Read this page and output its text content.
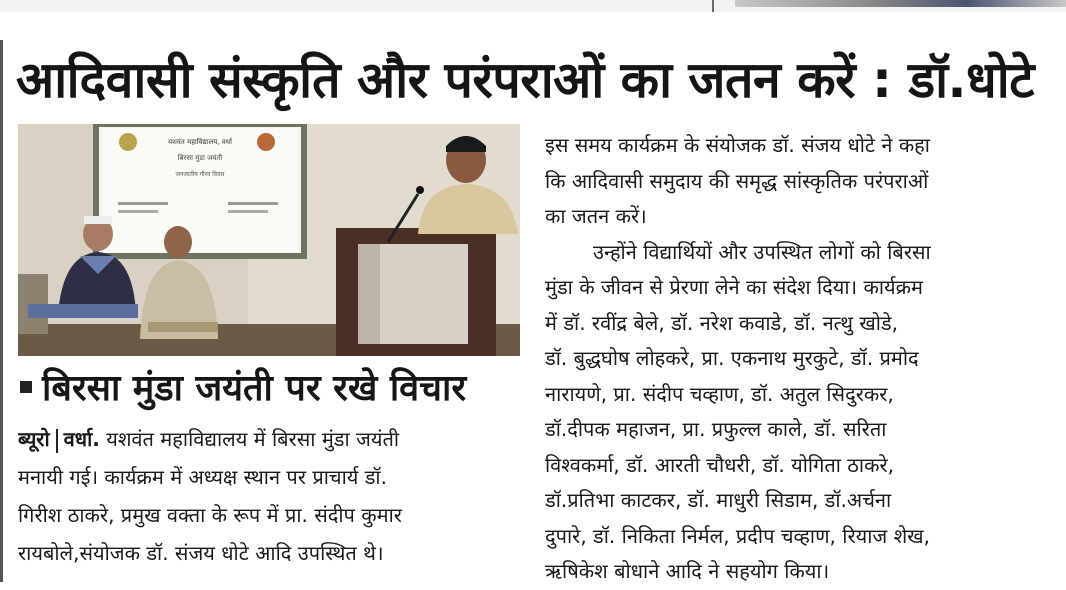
आदिवासी संस्कृति और परंपराओं का जतन करें : डॉ.धोटे
यशवंत महाविद्यालय, वर्धा
बिरसा मुंडा जयंती
जनजातीय गौरव दिवस
बिरसा मुंडा जयंती पर रखे विचार
ब्यूरो वर्धा. यशवंत महाविद्यालय में बिरसा मुंडा जयंती
मनायी गई। कार्यक्रम में अध्यक्ष स्थान पर प्राचार्य डॉ.
गिरीश ठाकरे, प्रमुख वक्ता के रूप में प्रा. संदीप कुमार
रायबोले,संयोजक डॉ. संजय धोटे आदि उपस्थित थे।
इस समय कार्यक्रम के संयोजक डॉ. संजय धोटे ने कहा
कि आदिवासी समुदाय की समृद्ध सांस्कृतिक परंपराओं
का जतन करें।
उन्होंने विद्यार्थियों और उपस्थित लोगों को बिरसा
मुंडा के जीवन से प्रेरणा लेने का संदेश दिया। कार्यक्रम
में डॉ. रवींद्र बेले, डॉ. नरेश कवाडे, डॉ. नत्थु खोडे,
डॉ. बुद्धघोष लोहकरे, प्रा. एकनाथ मुरकुटे, डॉ. प्रमोद
नारायणे, प्रा. संदीप चव्हाण, डॉ. अतुल सिदुरकर,
डॉ.दीपक महाजन, प्रा. प्रफुल्ल काले, डॉ. सरिता
विश्वकर्मा, डॉ. आरती चौधरी, डॉ. योगिता ठाकरे,
डॉ.प्रतिभा काटकर, डॉ. माधुरी सिडाम, डॉ.अर्चना
दुपारे, डॉ. निकिता निर्मल, प्रदीप चव्हाण, रियाज शेख,
ऋषिकेश बोधाने आदि ने सहयोग किया।
